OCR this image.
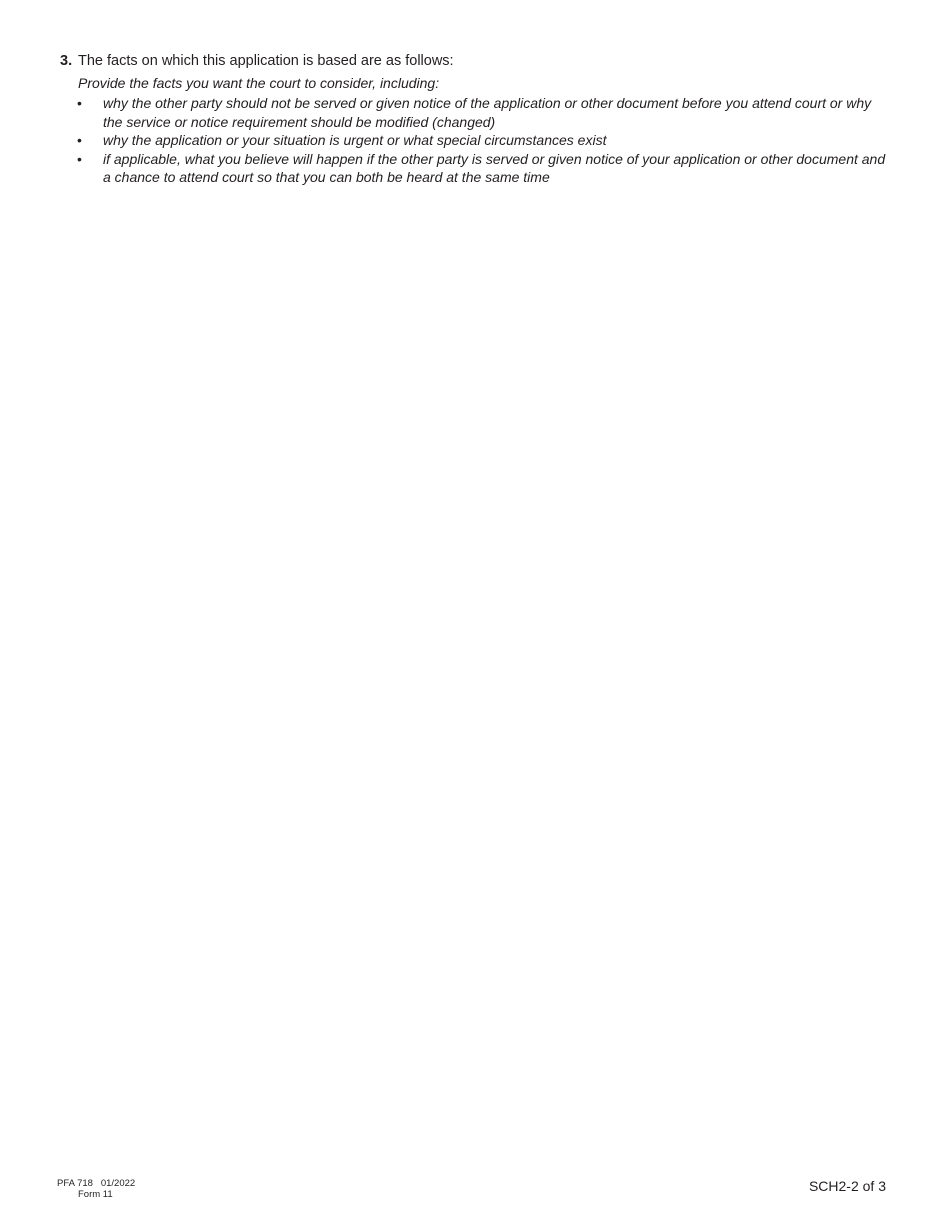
3. The facts on which this application is based are as follows:
Provide the facts you want the court to consider, including:
•	why the other party should not be served or given notice of the application or other document before you attend court or why the service or notice requirement should be modified (changed)
•	why the application or your situation is urgent or what special circumstances exist
•	if applicable, what you believe will happen if the other party is served or given notice of your application or other document and a chance to attend court so that you can both be heard at the same time
PFA 718   01/2022
Form 11
SCH2-2 of 3
